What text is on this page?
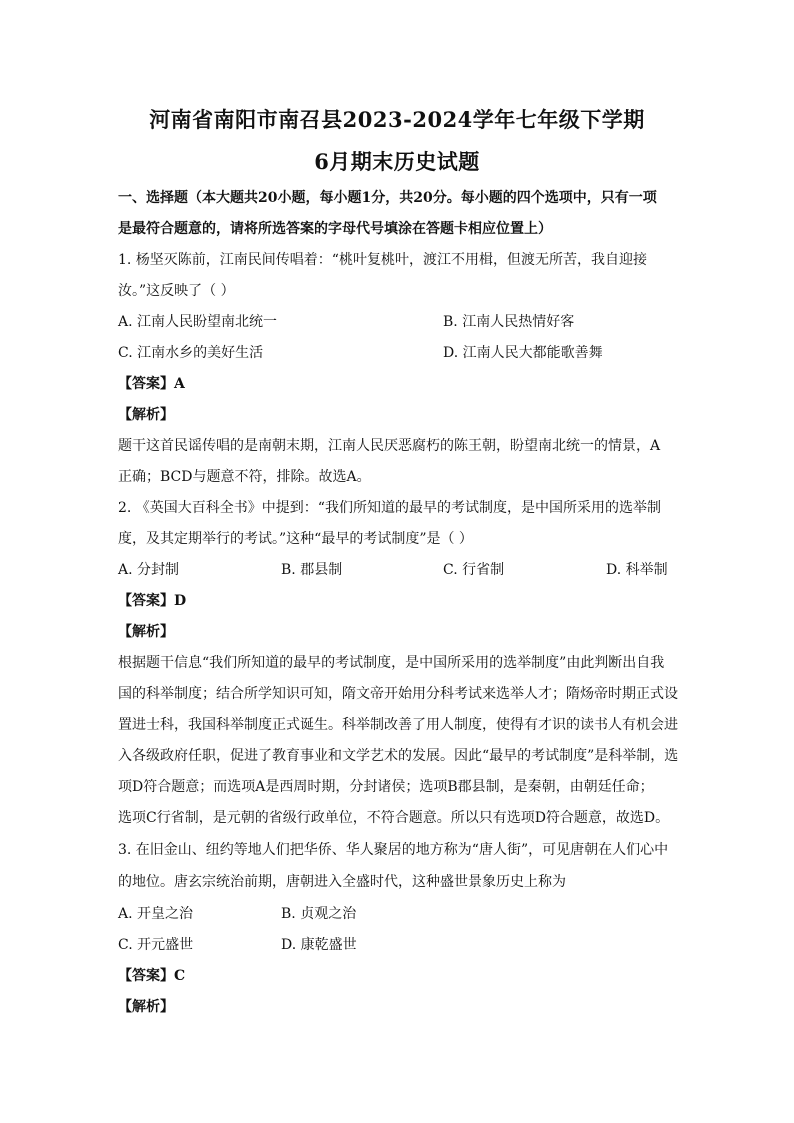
河南省南阳市南召县2023-2024学年七年级下学期
6月期末历史试题
一、选择题（本大题共20小题，每小题1分，共20分。每小题的四个选项中，只有一项
是最符合题意的，请将所选答案的字母代号填涂在答题卡相应位置上）
1. 杨坚灭陈前，江南民间传唱着：“桃叶复桃叶，渡江不用楫，但渡无所苦，我自迎接
汝。”这反映了（ ）
A. 江南人民盼望南北统一	B. 江南人民热情好客
C. 江南水乡的美好生活	D. 江南人民大都能歌善舞
【答案】A
【解析】
题干这首民谣传唱的是南朝末期，江南人民厌恶腐朽的陈王朝，盼望南北统一的情景，A
正确；BCD与题意不符，排除。故选A。
2. 《英国大百科全书》中提到：“我们所知道的最早的考试制度，是中国所采用的选举制
度，及其定期举行的考试。”这种“最早的考试制度”是（ ）
A. 分封制	B. 郡县制	C. 行省制	D. 科举制
【答案】D
【解析】
根据题干信息“我们所知道的最早的考试制度，是中国所采用的选举制度”由此判断出自我
国的科举制度；结合所学知识可知，隋文帝开始用分科考试来选举人才；隋炀帝时期正式设
置进士科，我国科举制度正式诞生。科举制改善了用人制度，使得有才识的读书人有机会进
入各级政府任职，促进了教育事业和文学艺术的发展。因此“最早的考试制度”是科举制，选
项D符合题意；而选项A是西周时期，分封诸侯；选项B郡县制，是秦朝，由朝廷任命；
选项C行省制，是元朝的省级行政单位，不符合题意。所以只有选项D符合题意，故选D。
3. 在旧金山、纽约等地人们把华侨、华人聚居的地方称为“唐人街”，可见唐朝在人们心中
的地位。唐玄宗统治前期，唐朝进入全盛时代，这种盛世景象历史上称为
A. 开皇之治	B. 贞观之治
C. 开元盛世	D. 康乾盛世
【答案】C
【解析】
